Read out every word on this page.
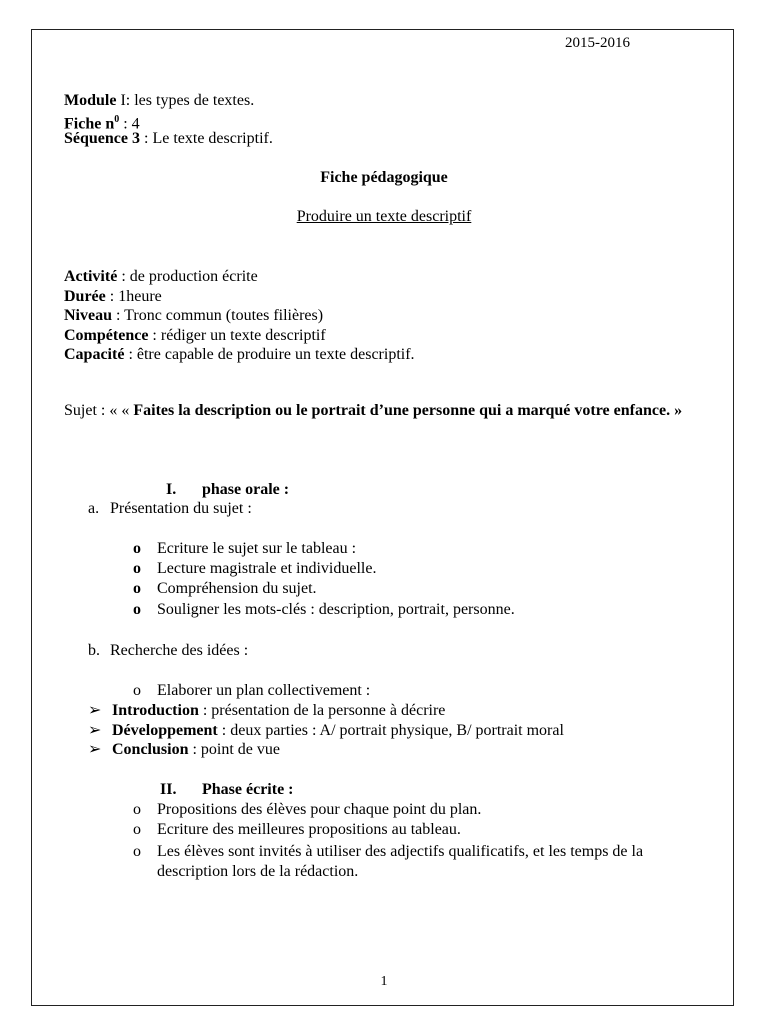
2015-2016
Module I: les types de textes.
Fiche $n^0$ : 4
Séquence 3 : Le texte descriptif.
Fiche pédagogique
Produire un texte descriptif
Activité : de production écrite
Durée : 1heure
Niveau : Tronc commun (toutes filières)
Compétence : rédiger un texte descriptif
Capacité : être capable de produire un texte descriptif.
Sujet : « « Faites la description ou le portrait d’une personne qui a marqué votre enfance. »
I. phase orale :
a. Présentation du sujet :
o Ecriture le sujet sur le tableau :
o Lecture magistrale et individuelle.
o Compréhension du sujet.
o Souligner les mots-clés : description, portrait, personne.
b. Recherche des idées :
o Elaborer un plan collectivement :
➢ Introduction : présentation de la personne à décrire
➢ Développement : deux parties : A/ portrait physique, B/ portrait moral
➢ Conclusion : point de vue
II. Phase écrite :
o Propositions des élèves pour chaque point du plan.
o Ecriture des meilleures propositions au tableau.
o	Les élèves sont invités à utiliser des adjectifs qualificatifs, et les temps de la description lors de la rédaction.
1
